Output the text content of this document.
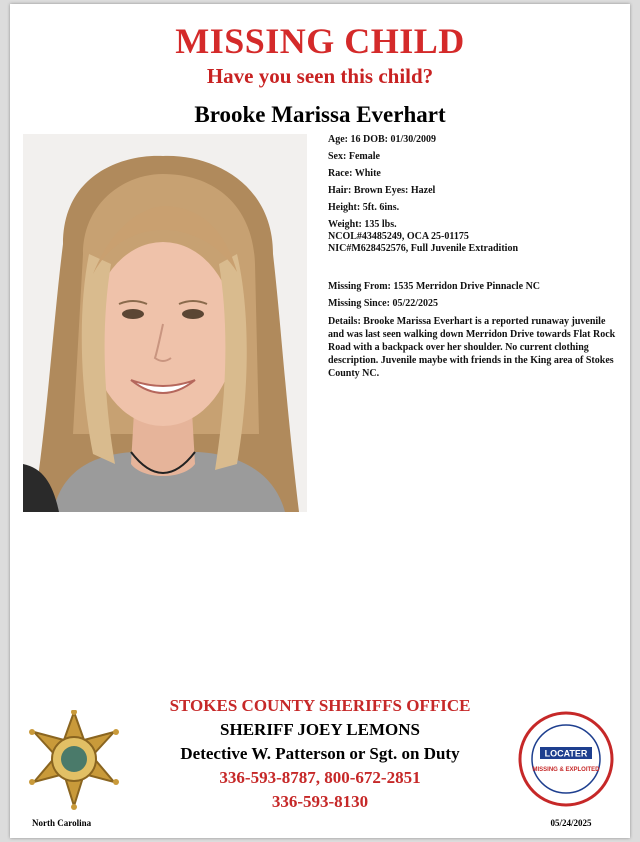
MISSING CHILD
Have you seen this child?
Brooke Marissa Everhart
Age: 16 DOB: 01/30/2009
Sex: Female
Race: White
Hair: Brown Eyes: Hazel
Height: 5ft. 6ins.
Weight: 135 lbs.
NCOL#43485249, OCA 25-01175
NIC#M628452576, Full Juvenile Extradition
Missing From: 1535 Merridon Drive Pinnacle NC
Missing Since: 05/22/2025
Details: Brooke Marissa Everhart is a reported runaway juvenile and was last seen walking down Merridon Drive towards Flat Rock Road with a backpack over her shoulder. No current clothing description. Juvenile maybe with friends in the King area of Stokes County NC.
STOKES COUNTY SHERIFFS OFFICE
SHERIFF JOEY LEMONS
Detective W. Patterson or Sgt. on Duty
336-593-8787, 800-672-2851
336-593-8130
North Carolina
LOCATER
MISSING & EXPLOITED
05/24/2025
